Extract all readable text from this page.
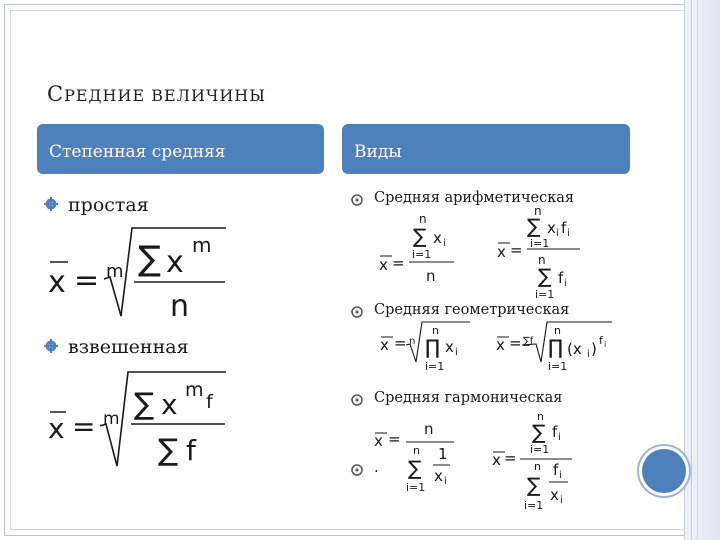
СРЕДНИЕ ВЕЛИЧИНЫ
Степенная средняя	Виды
простая
взвешенная
Средняя арифметическая
Средняя геометрическая
Средняя гармоническая
.
x = m ∑ x m
n
x = m ∑ x m
f
∑ f
n
∑ x i
i=1
x =
n
n
∑ x i f i
i=1
x =
n
∑ f i
i=1
x = n
n
∏ x i
i=1
x = ∑f
n
∏ (x i ) f i
i=1
x =
n
n
∑
1
x i
i=1
n
∑ f i
i=1
x = n
∑
f i
x i
i=1
